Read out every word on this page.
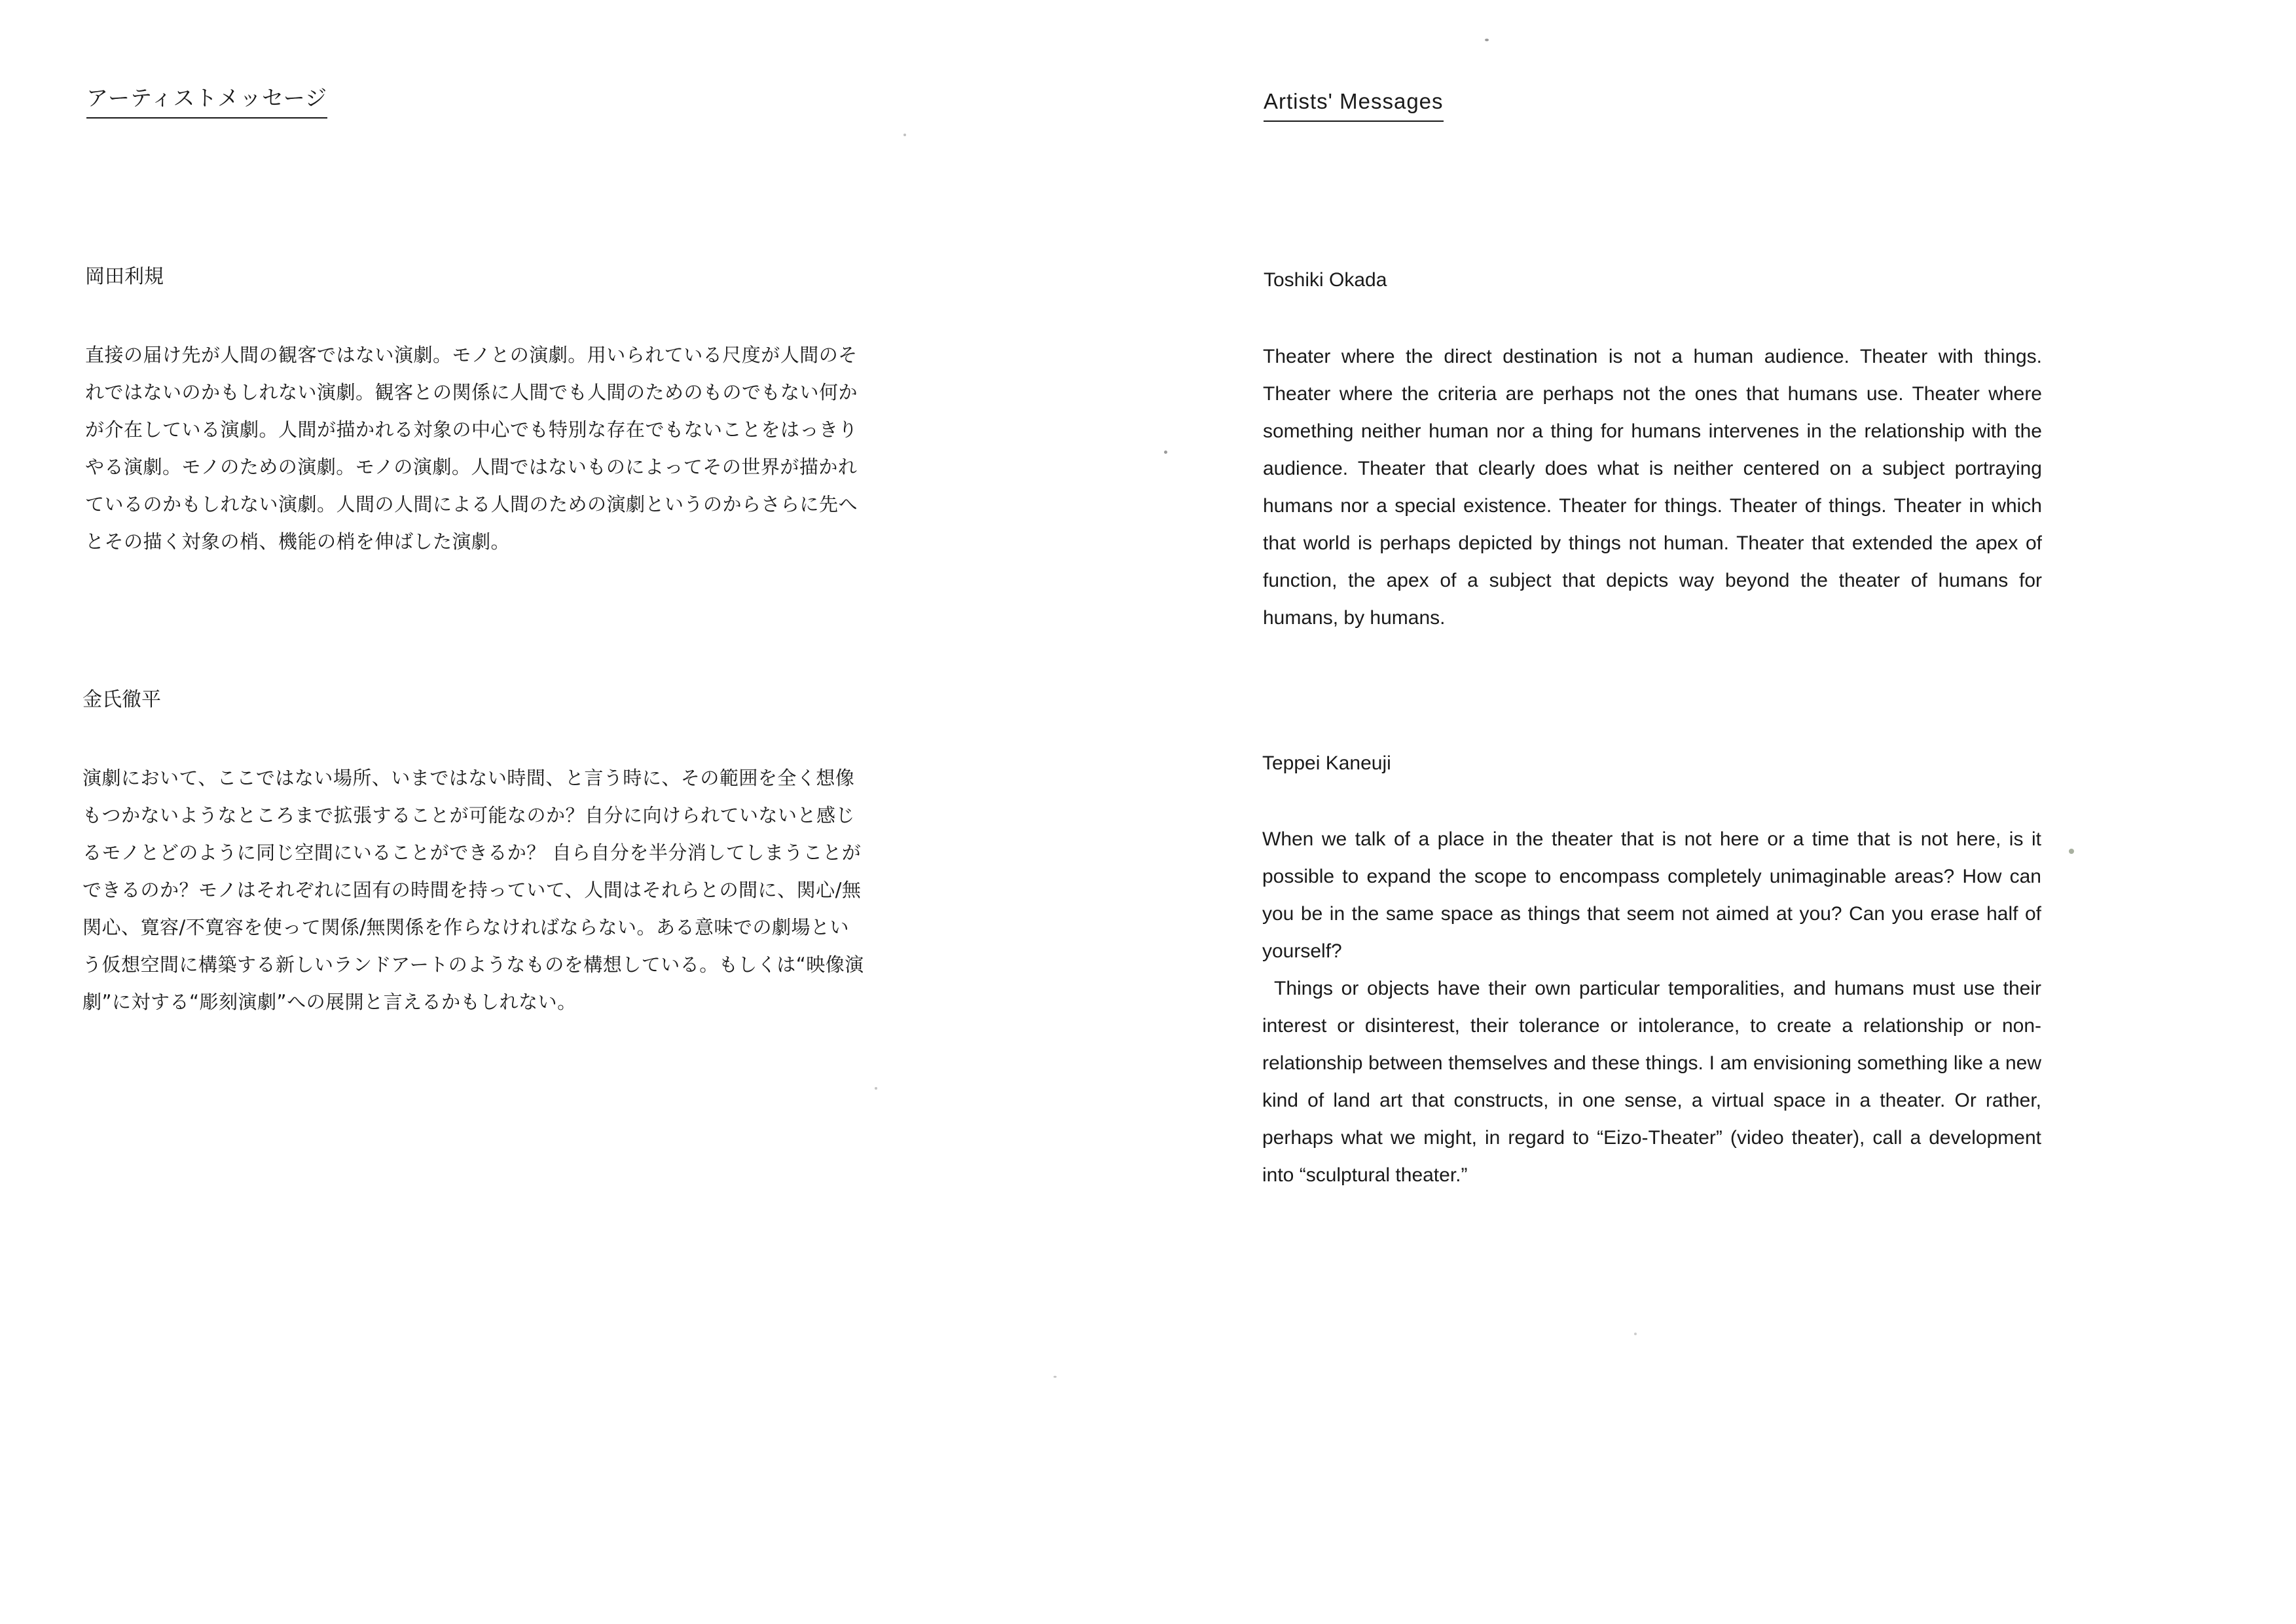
アーティストメッセージ
岡田利規

直接の届け先が人間の観客ではない演劇。モノとの演劇。用いられている尺度が人間のそれではないのかもしれない演劇。観客との関係に人間でも人間のためのものでもない何かが介在している演劇。人間が描かれる対象の中心でも特別な存在でもないことをはっきりやる演劇。モノのための演劇。モノの演劇。人間ではないものによってその世界が描かれているのかもしれない演劇。人間の人間による人間のための演劇というのからさらに先へとその描く対象の梢、機能の梢を伸ばした演劇。

金氏徹平

演劇において、ここではない場所、いまではない時間、と言う時に、その範囲を全く想像もつかないようなところまで拡張することが可能なのか？自分に向けられていないと感じるモノとどのように同じ空間にいることができるか？ 自ら自分を半分消してしまうことができるのか？モノはそれぞれに固有の時間を持っていて、人間はそれらとの間に、関心/無関心、寛容/不寛容を使って関係/無関係を作らなければならない。ある意味での劇場という仮想空間に構築する新しいランドアートのようなものを構想している。もしくは“映像演劇”に対する“彫刻演劇”への展開と言えるかもしれない。

Artists' Messages
Toshiki Okada

Theater where the direct destination is not a human audience. Theater with things. Theater where the criteria are perhaps not the ones that humans use. Theater where something neither human nor a thing for humans intervenes in the relationship with the audience. Theater that clearly does what is neither centered on a subject portraying humans nor a special existence. Theater for things. Theater of things. Theater in which that world is perhaps depicted by things not human. Theater that extended the apex of function, the apex of a subject that depicts way beyond the theater of humans for humans, by humans.

Teppei Kaneuji

When we talk of a place in the theater that is not here or a time that is not here, is it possible to expand the scope to encompass completely unimaginable areas? How can you be in the same space as things that seem not aimed at you? Can you erase half of yourself?

Things or objects have their own particular temporalities, and humans must use their interest or disinterest, their tolerance or intolerance, to create a relationship or non-relationship between themselves and these things. I am envisioning something like a new kind of land art that constructs, in one sense, a virtual space in a theater. Or rather, perhaps what we might, in regard to “Eizo-Theater” (video theater), call a development into “sculptural theater.”
